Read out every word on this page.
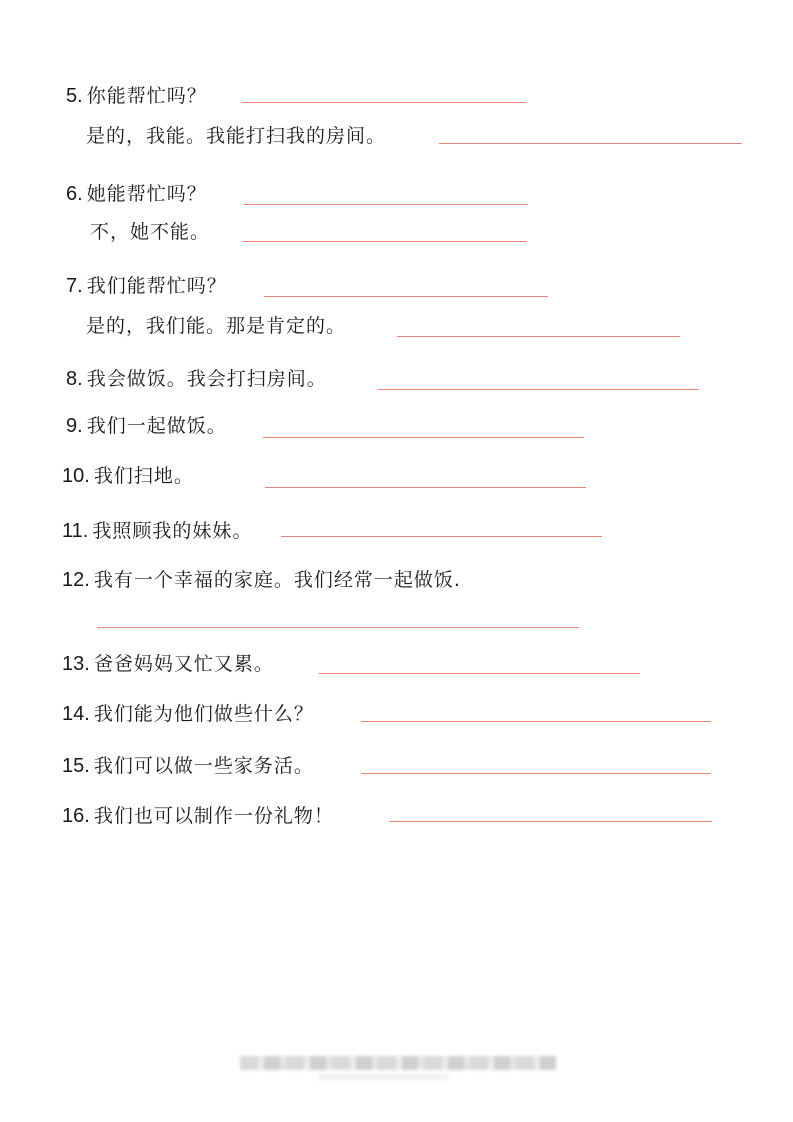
5. 你能帮忙吗？
是的，我能。我能打扫我的房间。
6. 她能帮忙吗？
不，她不能。
7. 我们能帮忙吗？
是的，我们能。那是肯定的。
8. 我会做饭。我会打扫房间。
9. 我们一起做饭。
10. 我们扫地。
11. 我照顾我的妹妹。
12. 我有一个幸福的家庭。我们经常一起做饭.
13. 爸爸妈妈又忙又累。
14. 我们能为他们做些什么？
15. 我们可以做一些家务活。
16. 我们也可以制作一份礼物！
